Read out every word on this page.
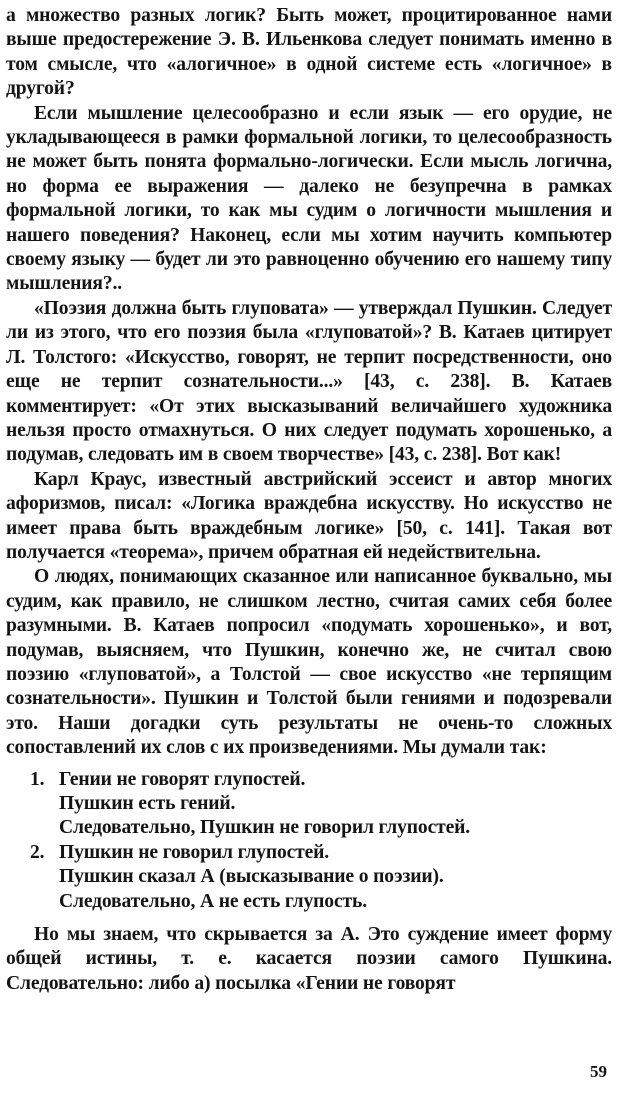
а множество разных логик? Быть может, процитированное нами выше предостережение Э. В. Ильенкова следует понимать именно в том смысле, что «алогичное» в одной системе есть «логичное» в другой?

Если мышление целесообразно и если язык — его орудие, не укладывающееся в рамки формальной логики, то целесообразность не может быть понята формально-логически. Если мысль логична, но форма ее выражения — далеко не безупречна в рамках формальной логики, то как мы судим о логичности мышления и нашего поведения? Наконец, если мы хотим научить компьютер своему языку — будет ли это равноценно обучению его нашему типу мышления?..

«Поэзия должна быть глуповата» — утверждал Пушкин. Следует ли из этого, что его поэзия была «глуповатой»? В. Катаев цитирует Л. Толстого: «Искусство, говорят, не терпит посредственности, оно еще не терпит сознательности...» [43, с. 238]. В. Катаев комментирует: «От этих высказываний величайшего художника нельзя просто отмахнуться. О них следует подумать хорошенько, а подумав, следовать им в своем творчестве» [43, с. 238]. Вот как!

Карл Краус, известный австрийский эссеист и автор многих афоризмов, писал: «Логика враждебна искусству. Но искусство не имеет права быть враждебным логике» [50, с. 141]. Такая вот получается «теорема», причем обратная ей недействительна.

О людях, понимающих сказанное или написанное буквально, мы судим, как правило, не слишком лестно, считая самих себя более разумными. В. Катаев попросил «подумать хорошенько», и вот, подумав, выясняем, что Пушкин, конечно же, не считал свою поэзию «глуповатой», а Толстой — свое искусство «не терпящим сознательности». Пушкин и Толстой были гениями и подозревали это. Наши догадки суть результаты не очень-то сложных сопоставлений их слов с их произведениями. Мы думали так:

1. Гении не говорят глупостей.
Пушкин есть гений.
Следовательно, Пушкин не говорил глупостей.
2. Пушкин не говорил глупостей.
Пушкин сказал А (высказывание о поэзии).
Следовательно, А не есть глупость.

Но мы знаем, что скрывается за А. Это суждение имеет форму общей истины, т. е. касается поэзии самого Пушкина. Следовательно: либо а) посылка «Гении не говорят

59
